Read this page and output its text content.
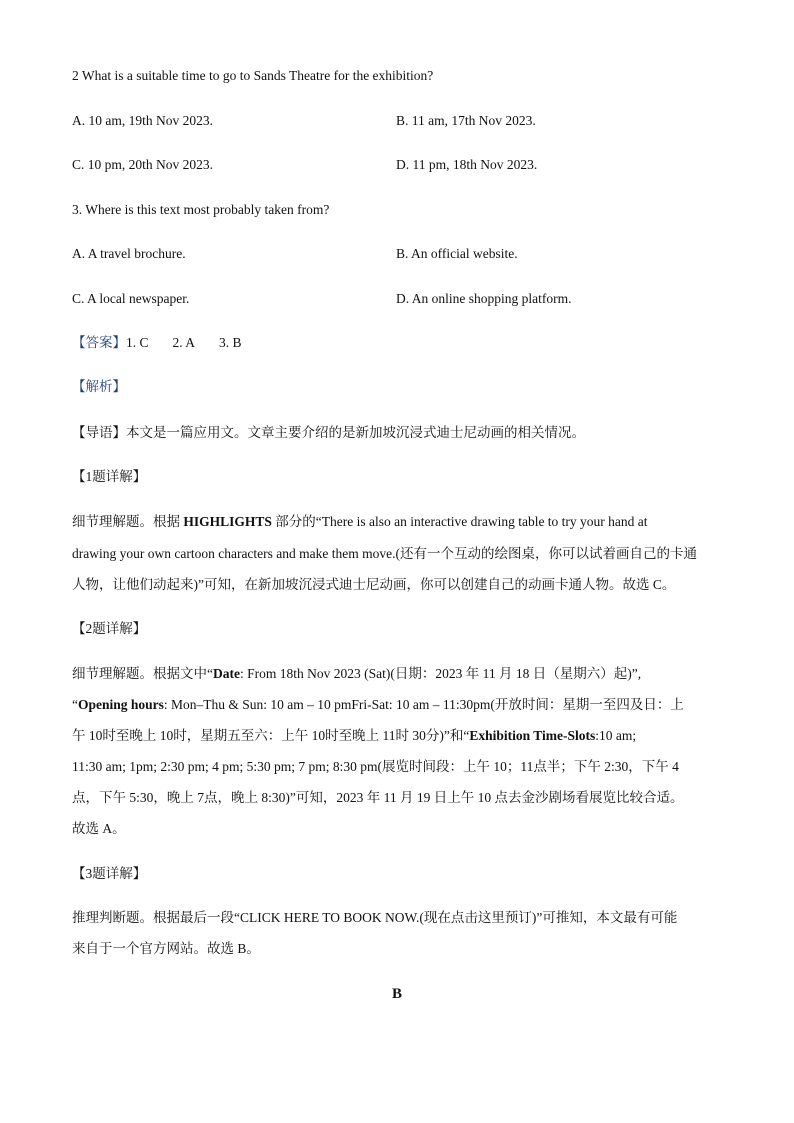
2 What is a suitable time to go to Sands Theatre for the exhibition?
A. 10 am, 19th Nov 2023.	B. 11 am, 17th Nov 2023.
C. 10 pm, 20th Nov 2023.	D. 11 pm, 18th Nov 2023.
3. Where is this text most probably taken from?
A. A travel brochure.	B. An official website.
C. A local newspaper.	D. An online shopping platform.
【答案】1. C 2. A 3. B
【解析】
【导语】本文是一篇应用文。文章主要介绍的是新加坡沉浸式迪士尼动画的相关情况。
【1题详解】
细节理解题。根据 HIGHLIGHTS 部分的“There is also an interactive drawing table to try your hand at
drawing your own cartoon characters and make them move.(还有一个互动的绘图桌，你可以试着画自己的卡通
人物，让他们动起来)”可知，在新加坡沉浸式迪士尼动画，你可以创建自己的动画卡通人物。故选 C。
【2题详解】
细节理解题。根据文中“Date: From 18th Nov 2023 (Sat)(日期：2023 年 11 月 18 日（星期六）起)”,
“Opening hours: Mon–Thu & Sun: 10 am – 10 pmFri-Sat: 10 am – 11:30pm(开放时间：星期一至四及日：上
午 10时至晚上 10时，星期五至六：上午 10时至晚上 11时 30分)”和“Exhibition Time-Slots:10 am;
11:30 am; 1pm; 2:30 pm; 4 pm; 5:30 pm; 7 pm; 8:30 pm(展览时间段：上午 10；11点半；下午 2:30，下午 4
点，下午 5:30，晚上 7点，晚上 8:30)”可知，2023 年 11 月 19 日上午 10 点去金沙剧场看展览比较合适。
故选 A。
【3题详解】
推理判断题。根据最后一段“CLICK HERE TO BOOK NOW.(现在点击这里预订)”可推知，本文最有可能
来自于一个官方网站。故选 B。
B
